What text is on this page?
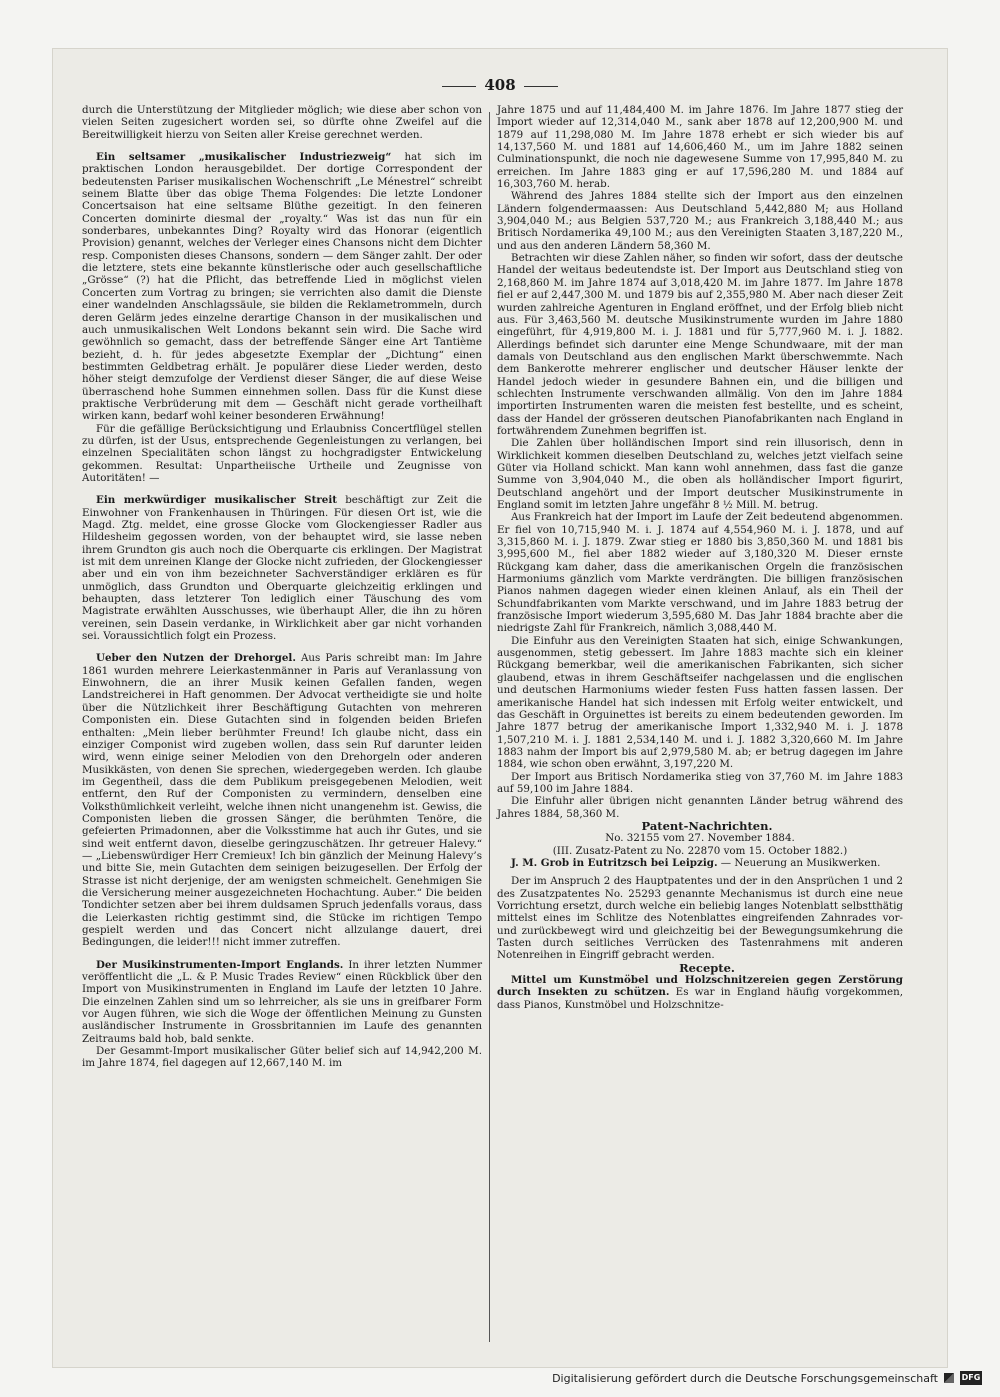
408

durch die Unterstützung der Mitglieder möglich; wie diese aber schon von vielen Seiten zugesichert worden sei, so dürfte ohne Zweifel auf die Bereitwilligkeit hierzu von Seiten aller Kreise gerechnet werden.

Ein seltsamer „musikalischer Industriezweig“ hat sich im praktischen London herausgebildet. Der dortige Correspondent der bedeutensten Pariser musikalischen Wochenschrift „Le Ménestrel“ schreibt seinem Blatte über das obige Thema Folgendes: Die letzte Londoner Concertsaison hat eine seltsame Blüthe gezeitigt. In den feineren Concerten dominirte diesmal der „royalty.“ Was ist das nun für ein sonderbares, unbekanntes Ding? Royalty wird das Honorar (eigentlich Provision) genannt, welches der Verleger eines Chansons nicht dem Dichter resp. Componisten dieses Chansons, sondern — dem Sänger zahlt. Der oder die letztere, stets eine bekannte künstlerische oder auch gesellschaftliche „Grösse“ (?) hat die Pflicht, das betreffende Lied in möglichst vielen Concerten zum Vortrag zu bringen; sie verrichten also damit die Dienste einer wandelnden Anschlagssäule, sie bilden die Reklametrommeln, durch deren Gelärm jedes einzelne derartige Chanson in der musikalischen und auch unmusikalischen Welt Londons bekannt sein wird. Die Sache wird gewöhnlich so gemacht, dass der betreffende Sänger eine Art Tantième bezieht, d. h. für jedes abgesetzte Exemplar der „Dichtung“ einen bestimmten Geldbetrag erhält. Je populärer diese Lieder werden, desto höher steigt demzufolge der Verdienst dieser Sänger, die auf diese Weise überraschend hohe Summen einnehmen sollen. Dass für die Kunst diese praktische Verbrüderung mit dem — Geschäft nicht gerade vortheilhaft wirken kann, bedarf wohl keiner besonderen Erwähnung!

Für die gefällige Berücksichtigung und Erlaubniss Concertflügel stellen zu dürfen, ist der Usus, entsprechende Gegenleistungen zu verlangen, bei einzelnen Specialitäten schon längst zu hochgradigster Entwickelung gekommen. Resultat: Unpartheiische Urtheile und Zeugnisse von Autoritäten! —

Ein merkwürdiger musikalischer Streit beschäftigt zur Zeit die Einwohner von Frankenhausen in Thüringen. Für diesen Ort ist, wie die Magd. Ztg. meldet, eine grosse Glocke vom Glockengiesser Radler aus Hildesheim gegossen worden, von der behauptet wird, sie lasse neben ihrem Grundton gis auch noch die Oberquarte cis erklingen. Der Magistrat ist mit dem unreinen Klange der Glocke nicht zufrieden, der Glockengiesser aber und ein von ihm bezeichneter Sachverständiger erklären es für unmöglich, dass Grundton und Oberquarte gleichzeitig erklingen und behaupten, dass letzterer Ton lediglich einer Täuschung des vom Magistrate erwählten Ausschusses, wie überhaupt Aller, die ihn zu hören vereinen, sein Dasein verdanke, in Wirklichkeit aber gar nicht vorhanden sei. Voraussichtlich folgt ein Prozess.

Ueber den Nutzen der Drehorgel. Aus Paris schreibt man: Im Jahre 1861 wurden mehrere Leierkastenmänner in Paris auf Veranlassung von Einwohnern, die an ihrer Musik keinen Gefallen fanden, wegen Landstreicherei in Haft genommen. Der Advocat vertheidigte sie und holte über die Nützlichkeit ihrer Beschäftigung Gutachten von mehreren Componisten ein. Diese Gutachten sind in folgenden beiden Briefen enthalten: „Mein lieber berühmter Freund! Ich glaube nicht, dass ein einziger Componist wird zugeben wollen, dass sein Ruf darunter leiden wird, wenn einige seiner Melodien von den Drehorgeln oder anderen Musikkästen, von denen Sie sprechen, wiedergegeben werden. Ich glaube im Gegentheil, dass die dem Publikum preisgegebenen Melodien, weit entfernt, den Ruf der Componisten zu vermindern, denselben eine Volksthümlichkeit verleiht, welche ihnen nicht unangenehm ist. Gewiss, die Componisten lieben die grossen Sänger, die berühmten Tenöre, die gefeierten Primadonnen, aber die Volksstimme hat auch ihr Gutes, und sie sind weit entfernt davon, dieselbe geringzuschätzen. Ihr getreuer Halevy.“ — „Liebenswürdiger Herr Cremieux! Ich bin gänzlich der Meinung Halevy’s und bitte Sie, mein Gutachten dem seinigen beizugesellen. Der Erfolg der Strasse ist nicht derjenige, der am wenigsten schmeichelt. Genehmigen Sie die Versicherung meiner ausgezeichneten Hochachtung. Auber.“ Die beiden Tondichter setzen aber bei ihrem duldsamen Spruch jedenfalls voraus, dass die Leierkasten richtig gestimmt sind, die Stücke im richtigen Tempo gespielt werden und das Concert nicht allzulange dauert, drei Bedingungen, die leider!!! nicht immer zutreffen.

Der Musikinstrumenten-Import Englands. In ihrer letzten Nummer veröffentlicht die „L. & P. Music Trades Review“ einen Rückblick über den Import von Musikinstrumenten in England im Laufe der letzten 10 Jahre. Die einzelnen Zahlen sind um so lehrreicher, als sie uns in greifbarer Form vor Augen führen, wie sich die Woge der öffentlichen Meinung zu Gunsten ausländischer Instrumente in Grossbritannien im Laufe des genannten Zeitraums bald hob, bald senkte.

Der Gesammt-Import musikalischer Güter belief sich auf 14,942,200 M. im Jahre 1874, fiel dagegen auf 12,667,140 M. im

Jahre 1875 und auf 11,484,400 M. im Jahre 1876. Im Jahre 1877 stieg der Import wieder auf 12,314,040 M., sank aber 1878 auf 12,200,900 M. und 1879 auf 11,298,080 M. Im Jahre 1878 erhebt er sich wieder bis auf 14,137,560 M. und 1881 auf 14,606,460 M., um im Jahre 1882 seinen Culminationspunkt, die noch nie dagewesene Summe von 17,995,840 M. zu erreichen. Im Jahre 1883 ging er auf 17,596,280 M. und 1884 auf 16,303,760 M. herab.

Während des Jahres 1884 stellte sich der Import aus den einzelnen Ländern folgendermaassen: Aus Deutschland 5,442,880 M; aus Holland 3,904,040 M.; aus Belgien 537,720 M.; aus Frankreich 3,188,440 M.; aus Britisch Nordamerika 49,100 M.; aus den Vereinigten Staaten 3,187,220 M., und aus den anderen Ländern 58,360 M.

Betrachten wir diese Zahlen näher, so finden wir sofort, dass der deutsche Handel der weitaus bedeutendste ist. Der Import aus Deutschland stieg von 2,168,860 M. im Jahre 1874 auf 3,018,420 M. im Jahre 1877. Im Jahre 1878 fiel er auf 2,447,300 M. und 1879 bis auf 2,355,980 M. Aber nach dieser Zeit wurden zahlreiche Agenturen in England eröffnet, und der Erfolg blieb nicht aus. Für 3,463,560 M. deutsche Musikinstrumente wurden im Jahre 1880 eingeführt, für 4,919,800 M. i. J. 1881 und für 5,777,960 M. i. J. 1882. Allerdings befindet sich darunter eine Menge Schundwaare, mit der man damals von Deutschland aus den englischen Markt überschwemmte. Nach dem Bankerotte mehrerer englischer und deutscher Häuser lenkte der Handel jedoch wieder in gesundere Bahnen ein, und die billigen und schlechten Instrumente verschwanden allmälig. Von den im Jahre 1884 importirten Instrumenten waren die meisten fest bestellte, und es scheint, dass der Handel der grösseren deutschen Pianofabrikanten nach England in fortwährendem Zunehmen begriffen ist.

Die Zahlen über holländischen Import sind rein illusorisch, denn in Wirklichkeit kommen dieselben Deutschland zu, welches jetzt vielfach seine Güter via Holland schickt. Man kann wohl annehmen, dass fast die ganze Summe von 3,904,040 M., die oben als holländischer Import figurirt, Deutschland angehört und der Import deutscher Musikinstrumente in England somit im letzten Jahre ungefähr 8 ½ Mill. M. betrug.

Aus Frankreich hat der Import im Laufe der Zeit bedeutend abgenommen. Er fiel von 10,715,940 M. i. J. 1874 auf 4,554,960 M. i. J. 1878, und auf 3,315,860 M. i. J. 1879. Zwar stieg er 1880 bis 3,850,360 M. und 1881 bis 3,995,600 M., fiel aber 1882 wieder auf 3,180,320 M. Dieser ernste Rückgang kam daher, dass die amerikanischen Orgeln die französischen Harmoniums gänzlich vom Markte verdrängten. Die billigen französischen Pianos nahmen dagegen wieder einen kleinen Anlauf, als ein Theil der Schundfabrikanten vom Markte verschwand, und im Jahre 1883 betrug der französische Import wiederum 3,595,680 M. Das Jahr 1884 brachte aber die niedrigste Zahl für Frankreich, nämlich 3,088,440 M.

Die Einfuhr aus den Vereinigten Staaten hat sich, einige Schwankungen, ausgenommen, stetig gebessert. Im Jahre 1883 machte sich ein kleiner Rückgang bemerkbar, weil die amerikanischen Fabrikanten, sich sicher glaubend, etwas in ihrem Geschäftseifer nachgelassen und die englischen und deutschen Harmoniums wieder festen Fuss hatten fassen lassen. Der amerikanische Handel hat sich indessen mit Erfolg weiter entwickelt, und das Geschäft in Orguinettes ist bereits zu einem bedeutenden geworden. Im Jahre 1877 betrug der amerikanische Import 1,332,940 M. i. J. 1878 1,507,210 M. i. J. 1881 2,534,140 M. und i. J. 1882 3,320,660 M. Im Jahre 1883 nahm der Import bis auf 2,979,580 M. ab; er betrug dagegen im Jahre 1884, wie schon oben erwähnt, 3,197,220 M.

Der Import aus Britisch Nordamerika stieg von 37,760 M. im Jahre 1883 auf 59,100 im Jahre 1884.

Die Einfuhr aller übrigen nicht genannten Länder betrug während des Jahres 1884, 58,360 M.

Patent-Nachrichten.

No. 32155 vom 27. November 1884.

(III. Zusatz-Patent zu No. 22870 vom 15. October 1882.)

J. M. Grob in Eutritzsch bei Leipzig. — Neuerung an Musikwerken.

Der im Anspruch 2 des Hauptpatentes und der in den Ansprüchen 1 und 2 des Zusatzpatentes No. 25293 genannte Mechanismus ist durch eine neue Vorrichtung ersetzt, durch welche ein beliebig langes Notenblatt selbstthätig mittelst eines im Schlitze des Notenblattes eingreifenden Zahnrades vor- und zurückbewegt wird und gleichzeitig bei der Bewegungsumkehrung die Tasten durch seitliches Verrücken des Tastenrahmens mit anderen Notenreihen in Eingriff gebracht werden.

Recepte.

Mittel um Kunstmöbel und Holzschnitzereien gegen Zerstörung durch Insekten zu schützen. Es war in England häufig vorgekommen, dass Pianos, Kunstmöbel und Holzschnitze-

Digitalisierung gefördert durch die Deutsche Forschungsgemeinschaft	DFG
